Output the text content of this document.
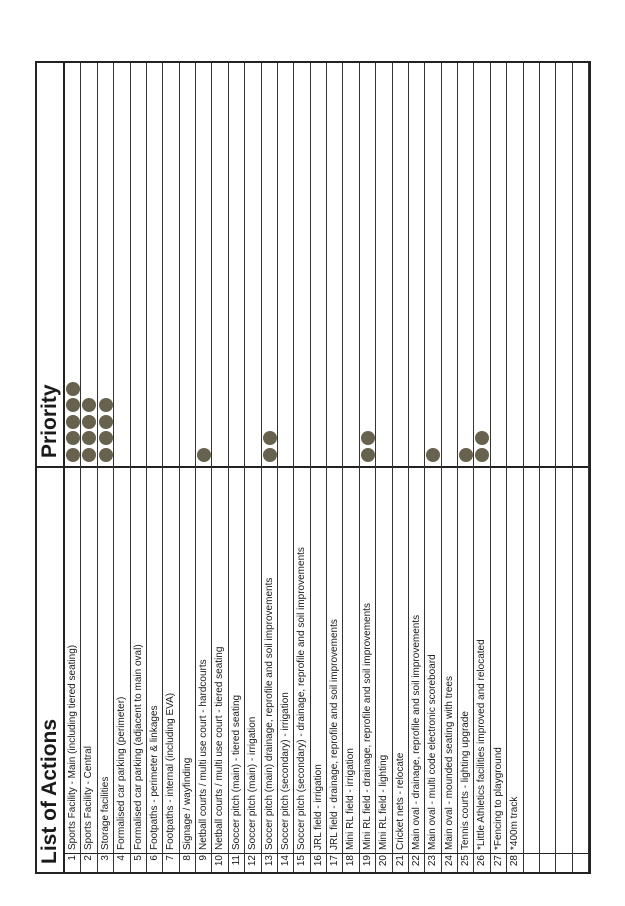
List of Actions
Priority
1
Sports Facility - Main (including tiered seating)
2
Sports Facility - Central
3
Storage facilities
4
Formalised car parking (perimeter)
5
Formalised car parking (adjacent to main oval)
6
Footpaths - perimeter & linkages
7
Footpaths - internal (including EVA)
8
Signage / wayfinding
9
Netball courts / multi use court - hardcourts
10
Netball courts / multi use court - tiered seating
11
Soccer pitch (main) - tiered seating
12
Soccer pitch (main) - irrigation
13
Soccer pitch (main) drainage, reprofile and soil improvements
14
Soccer pitch (secondary) - irrigation
15
Soccer pitch (secondary) - drainage, reprofile and soil improvements
16
JRL field - irrigation
17
JRL field - drainage, reprofile and soil improvements
18
Mini RL field - irrigation
19
Mini RL field - drainage, reprofile and soil improvements
20
Mini RL field - lighting
21
Cricket nets - relocate
22
Main oval - drainage, reprofile and soil improvements
23
Main oval - multi code electronic scoreboard
24
Main oval - mounded seating with trees
25
Tennis courts - lighting upgrade
26
*Little Athletics facilities improved and relocated
27
*Fencing to playground
28
*400m track
